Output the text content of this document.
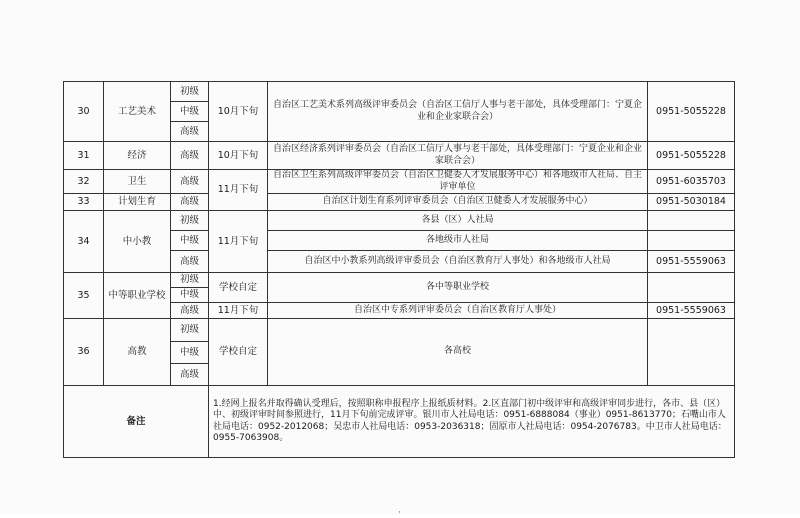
30	工艺美术	初级	10月下旬	自治区工艺美术系列高级评审委员会（自治区工信厅人事与老干部处，具体受理部门：宁夏企业和企业家联合会）	0951-5055228
		中级			
		高级			
31	经济	高级	10月下旬	自治区经济系列评审委员会（自治区工信厅人事与老干部处，具体受理部门：宁夏企业和企业家联合会）	0951-5055228
32	卫生	高级	11月下旬	自治区卫生系列高级评审委员会（自治区卫健委人才发展服务中心）和各地级市人社局、自主评审单位	0951-6035703
33	计划生育	高级		自治区计划生育系列评审委员会（自治区卫健委人才发展服务中心）	0951-5030184
34	中小教	初级	11月下旬	各县（区）人社局	
		中级		各地级市人社局	
		高级		自治区中小教系列高级评审委员会（自治区教育厅人事处）和各地级市人社局	0951-5559063
35	中等职业学校	初级	学校自定	各中等职业学校	
		中级			
		高级	11月下旬	自治区中专系列评审委员会（自治区教育厅人事处）	0951-5559063
36	高教	初级	学校自定	各高校	
		中级			
		高级			
备注			1.经网上报名并取得确认受理后，按照职称申报程序上报纸质材料。2.区直部门初中级评审和高级评审同步进行，各市、县（区）中、初级评审时间参照进行，11月下旬前完成评审。银川市人社局电话：0951-6888084（事业）0951-8613770；石嘴山市人社局电话：0952-2012068；吴忠市人社局电话：0953-2036318；固原市人社局电话：0954-2076783。中卫市人社局电话：0955-7063908。		
·
